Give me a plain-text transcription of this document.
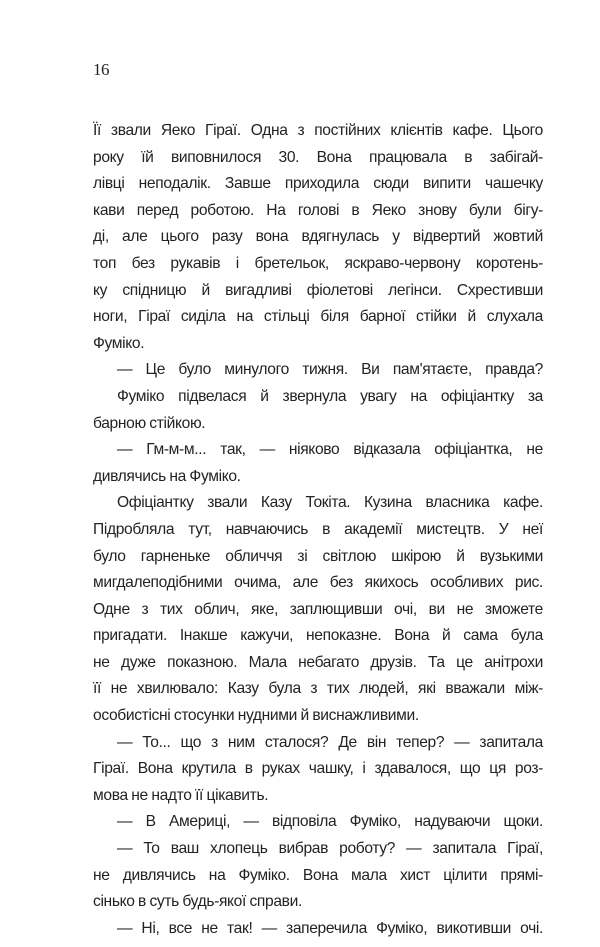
16
Її звали Яеко Гіраї. Одна з постійних клієнтів кафе. Цього
року їй виповнилося 30. Вона працювала в забігай-
лівці неподалік. Завше приходила сюди випити чашечку
кави перед роботою. На голові в Яеко знову були бігу-
ді, але цього разу вона вдягнулась у відвертий жовтий
топ без рукавів і бретельок, яскраво-червону коротень-
ку спідницю й вигадливі фіолетові легінси. Схрестивши
ноги, Гіраї сиділа на стільці біля барної стійки й слухала
Фуміко.
— Це було минулого тижня. Ви пам'ятаєте, правда?
Фуміко підвелася й звернула увагу на офіціантку за
барною стійкою.
— Гм-м-м... так, — ніяково відказала офіціантка, не
дивлячись на Фуміко.
Офіціантку звали Казу Токіта. Кузина власника кафе.
Підробляла тут, навчаючись в академії мистецтв. У неї
було гарненьке обличчя зі світлою шкірою й вузькими
мигдалеподібними очима, але без якихось особливих рис.
Одне з тих облич, яке, заплющивши очі, ви не зможете
пригадати. Інакше кажучи, непоказне. Вона й сама була
не дуже показною. Мала небагато друзів. Та це анітрохи
її не хвилювало: Казу була з тих людей, які вважали між-
особистісні стосунки нудними й виснажливими.
— То... що з ним сталося? Де він тепер? — запитала
Гіраї. Вона крутила в руках чашку, і здавалося, що ця роз-
мова не надто її цікавить.
— В Америці, — відповіла Фуміко, надуваючи щоки.
— То ваш хлопець вибрав роботу? — запитала Гіраї,
не дивлячись на Фуміко. Вона мала хист цілити прямі-
сінько в суть будь-якої справи.
— Ні, все не так! — заперечила Фуміко, викотивши очі.
